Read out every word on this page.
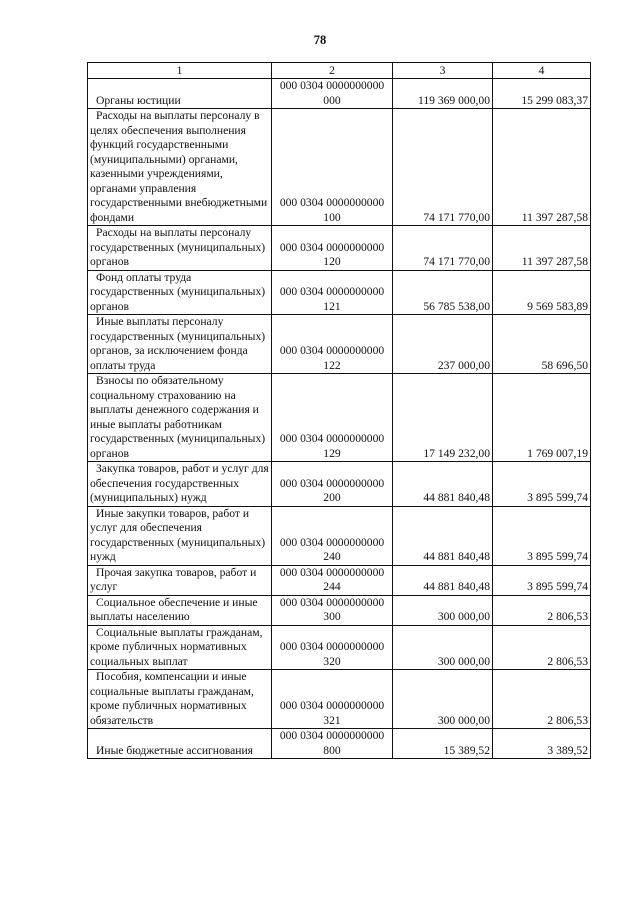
78
1	2	3	4

Органы юстиции	000 0304 0000000000 000	119 369 000,00	15 299 083,37

Расходы на выплаты персоналу в целях обеспечения выполнения функций государственными (муниципальными) органами, казенными учреждениями, органами управления государственными внебюджетными фондами	000 0304 0000000000 100	74 171 770,00	11 397 287,58

Расходы на выплаты персоналу государственных (муниципальных) органов	000 0304 0000000000 120	74 171 770,00	11 397 287,58

Фонд оплаты труда государственных (муниципальных) органов	000 0304 0000000000 121	56 785 538,00	9 569 583,89

Иные выплаты персоналу государственных (муниципальных) органов, за исключением фонда оплаты труда	000 0304 0000000000 122	237 000,00	58 696,50

Взносы по обязательному социальному страхованию на выплаты денежного содержания и иные выплаты работникам государственных (муниципальных) органов	000 0304 0000000000 129	17 149 232,00	1 769 007,19

Закупка товаров, работ и услуг для обеспечения государственных (муниципальных) нужд	000 0304 0000000000 200	44 881 840,48	3 895 599,74

Иные закупки товаров, работ и услуг для обеспечения государственных (муниципальных) нужд	000 0304 0000000000 240	44 881 840,48	3 895 599,74

Прочая закупка товаров, работ и услуг	000 0304 0000000000 244	44 881 840,48	3 895 599,74

Социальное обеспечение и иные выплаты населению	000 0304 0000000000 300	300 000,00	2 806,53

Социальные выплаты гражданам, кроме публичных нормативных социальных выплат	000 0304 0000000000 320	300 000,00	2 806,53

Пособия, компенсации и иные социальные выплаты гражданам, кроме публичных нормативных обязательств	000 0304 0000000000 321	300 000,00	2 806,53

Иные бюджетные ассигнования	000 0304 0000000000 800	15 389,52	3 389,52
